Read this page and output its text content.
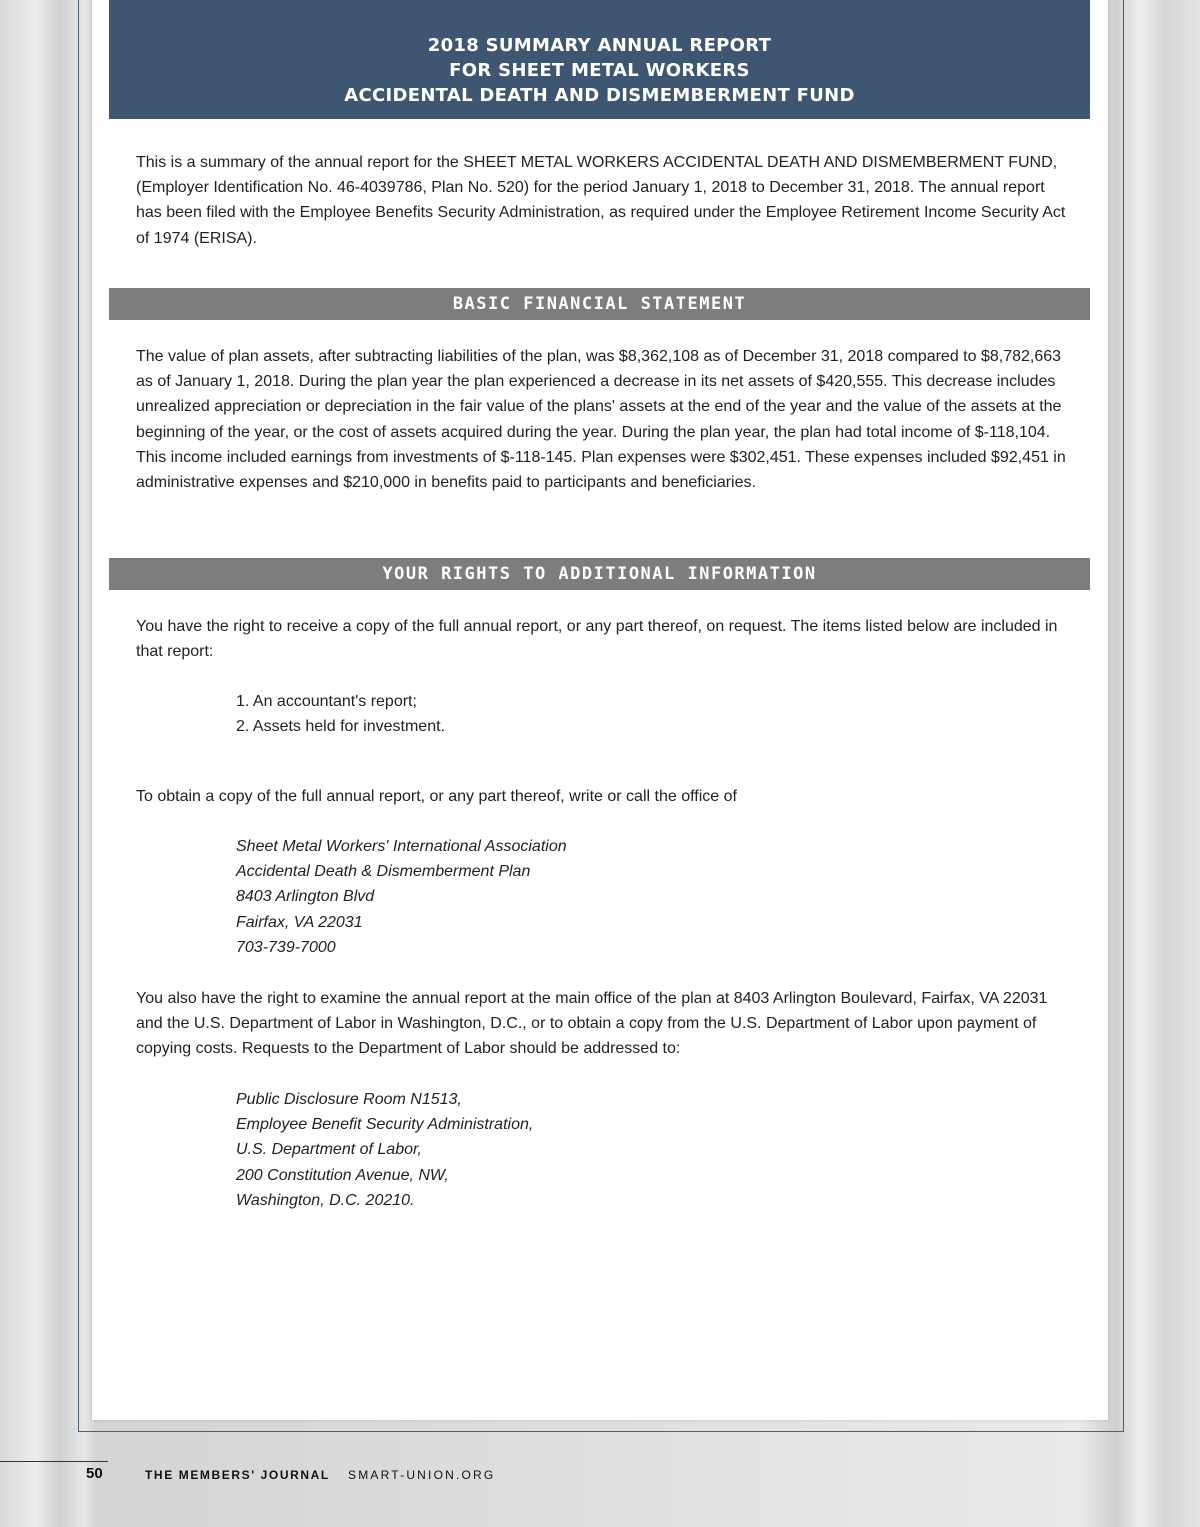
2018 SUMMARY ANNUAL REPORT
FOR SHEET METAL WORKERS
ACCIDENTAL DEATH AND DISMEMBERMENT FUND

This is a summary of the annual report for the SHEET METAL WORKERS ACCIDENTAL DEATH AND DISMEMBERMENT FUND, (Employer Identification No. 46-4039786, Plan No. 520) for the period January 1, 2018 to December 31, 2018. The annual report has been filed with the Employee Benefits Security Administration, as required under the Employee Retirement Income Security Act of 1974 (ERISA).

BASIC FINANCIAL STATEMENT

The value of plan assets, after subtracting liabilities of the plan, was $8,362,108 as of December 31, 2018 compared to $8,782,663 as of January 1, 2018. During the plan year the plan experienced a decrease in its net assets of $420,555. This decrease includes unrealized appreciation or depreciation in the fair value of the plans' assets at the end of the year and the value of the assets at the beginning of the year, or the cost of assets acquired during the year. During the plan year, the plan had total income of $-118,104. This income included earnings from investments of $-118-145. Plan expenses were $302,451. These expenses included $92,451 in administrative expenses and $210,000 in benefits paid to participants and beneficiaries.

YOUR RIGHTS TO ADDITIONAL INFORMATION

You have the right to receive a copy of the full annual report, or any part thereof, on request. The items listed below are included in that report:

1. An accountant's report;
2. Assets held for investment.

To obtain a copy of the full annual report, or any part thereof, write or call the office of

Sheet Metal Workers' International Association
Accidental Death & Dismemberment Plan
8403 Arlington Blvd
Fairfax, VA 22031
703-739-7000

You also have the right to examine the annual report at the main office of the plan at 8403 Arlington Boulevard, Fairfax, VA 22031 and the U.S. Department of Labor in Washington, D.C., or to obtain a copy from the U.S. Department of Labor upon payment of copying costs. Requests to the Department of Labor should be addressed to:

Public Disclosure Room N1513,
Employee Benefit Security Administration,
U.S. Department of Labor,
200 Constitution Avenue, NW,
Washington, D.C. 20210.
50	THE MEMBERS' JOURNAL SMART-UNION.ORG
